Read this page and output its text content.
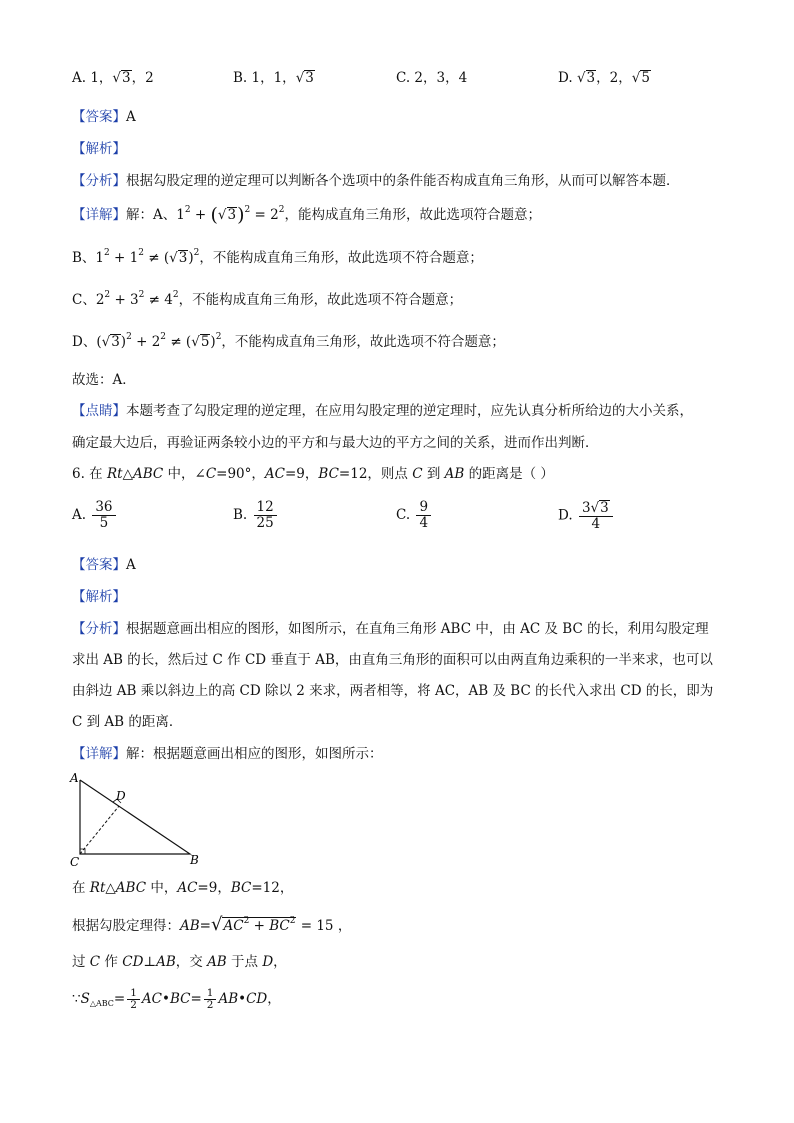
A. 1，√3，2	B. 1，1，√3	C. 2，3，4	D. √3，2，√5
【答案】A
【解析】
【分析】根据勾股定理的逆定理可以判断各个选项中的条件能否构成直角三角形，从而可以解答本题．
【详解】解：A、$1^2 + (√3)^2 = 2^2$，能构成直角三角形，故此选项符合题意；
B、$1^2 + 1^2 \ne (√3)^2$，不能构成直角三角形，故此选项不符合题意；
C、$2^2 + 3^2 \ne 4^2$，不能构成直角三角形，故此选项不符合题意；
D、$(√3)^2 + 2^2 \ne (√5)^2$，不能构成直角三角形，故此选项不符合题意；
故选：A．
【点睛】本题考查了勾股定理的逆定理，在应用勾股定理的逆定理时，应先认真分析所给边的大小关系，
确定最大边后，再验证两条较小边的平方和与最大边的平方之间的关系，进而作出判断．
6. 在 Rt△ABC 中，∠C=90°，AC=9，BC=12，则点 C 到 AB 的距离是（ ）
A. $\frac{36}{5}$	B. $\frac{12}{25}$	C. $\frac{9}{4}$	D. $\frac{3√3}{4}$
【答案】A
【解析】
【分析】根据题意画出相应的图形，如图所示，在直角三角形 ABC 中，由 AC 及 BC 的长，利用勾股定理
求出 AB 的长，然后过 C 作 CD 垂直于 AB，由直角三角形的面积可以由两直角边乘积的一半来求，也可以
由斜边 AB 乘以斜边上的高 CD 除以 2 来求，两者相等，将 AC，AB 及 BC 的长代入求出 CD 的长，即为
C 到 AB 的距离．
【详解】解：根据题意画出相应的图形，如图所示：
A
D
C	B
在 Rt△ABC 中，AC=9，BC=12，
根据勾股定理得：$AB=√AC^2 + BC^2 = 15$ ，
过 C 作 CD⊥AB，交 AB 于点 D，
$\because S_{\triangle ABC}= \frac{1}{2}$ AC•BC= $\frac{1}{2}$ AB•CD，
